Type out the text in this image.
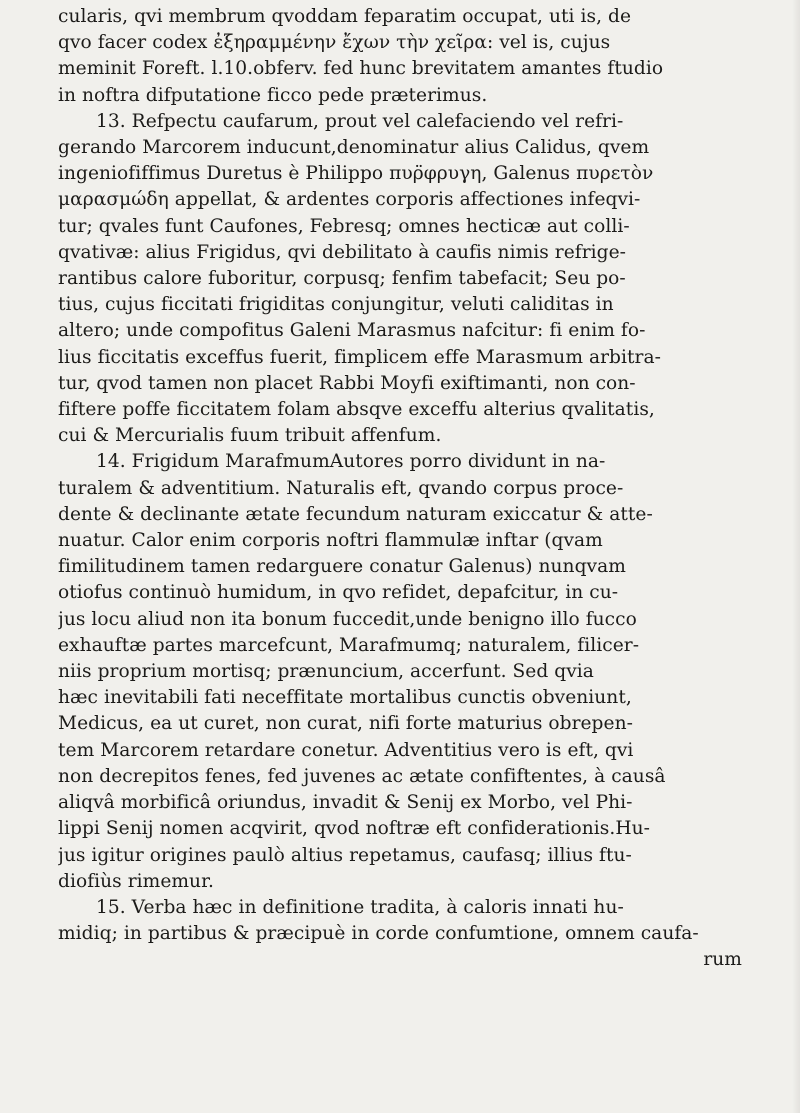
cularis, qvi membrum qvoddam feparatim occupat, uti is, de
qvo facer codex ἐξηραμμένην ἔχων τὴν χεῖρα: vel is, cujus
meminit Foreft. l.10.obferv. fed hunc brevitatem amantes ftudio
in noftra difputatione ficco pede prӕterimus.
13. Refpectu caufarum, prout vel calefaciendo vel refri-
gerando Marcorem inducunt,denominatur alius Calidus, qvem
ingeniofiffimus Duretus è Philippo πυρ̈φρυγη, Galenus πυρετὸν
μαρασμώδη appellat, & ardentes corporis affectiones infeqvi-
tur; qvales funt Caufones, Febresq; omnes hecticӕ aut colli-
qvativӕ: alius Frigidus, qvi debilitato à caufis nimis refrige-
rantibus calore fuboritur, corpusq; fenfim tabefacit; Seu po-
tius, cujus ficcitati frigiditas conjungitur, veluti caliditas in
altero; unde compofitus Galeni Marasmus nafcitur: fi enim fo-
lius ficcitatis exceffus fuerit, fimplicem effe Marasmum arbitra-
tur, qvod tamen non placet Rabbi Moyfi exiftimanti, non con-
fiftere poffe ficcitatem folam absqve exceffu alterius qvalitatis,
cui & Mercurialis fuum tribuit affenfum.
14. Frigidum MarafmumAutores porro dividunt in na-
turalem & adventitium. Naturalis eft, qvando corpus proce-
dente & declinante ӕtate fecundum naturam exiccatur & atte-
nuatur. Calor enim corporis noftri flammulӕ inftar (qvam
fimilitudinem tamen redarguere conatur Galenus) nunqvam
otiofus continuò humidum, in qvo refidet, depafcitur, in cu-
jus locu aliud non ita bonum fuccedit,unde benigno illo fucco
exhauftӕ partes marcefcunt, Marafmumq; naturalem, filicer-
niis proprium mortisq; prӕnuncium, accerfunt. Sed qvia
hӕc inevitabili fati neceffitate mortalibus cunctis obveniunt,
Medicus, ea ut curet, non curat, nifi forte maturius obrepen-
tem Marcorem retardare conetur. Adventitius vero is eft, qvi
non decrepitos fenes, fed juvenes ac ӕtate confiftentes, à causâ
aliqvâ morbificâ oriundus, invadit & Senij ex Morbo, vel Phi-
lippi Senij nomen acqvirit, qvod noftrӕ eft confiderationis.Hu-
jus igitur origines paulò altius repetamus, caufasq; illius ftu-
diofiùs rimemur.
15. Verba hӕc in definitione tradita, à caloris innati hu-
midiq; in partibus & prӕcipuè in corde confumtione, omnem caufa-
rum
